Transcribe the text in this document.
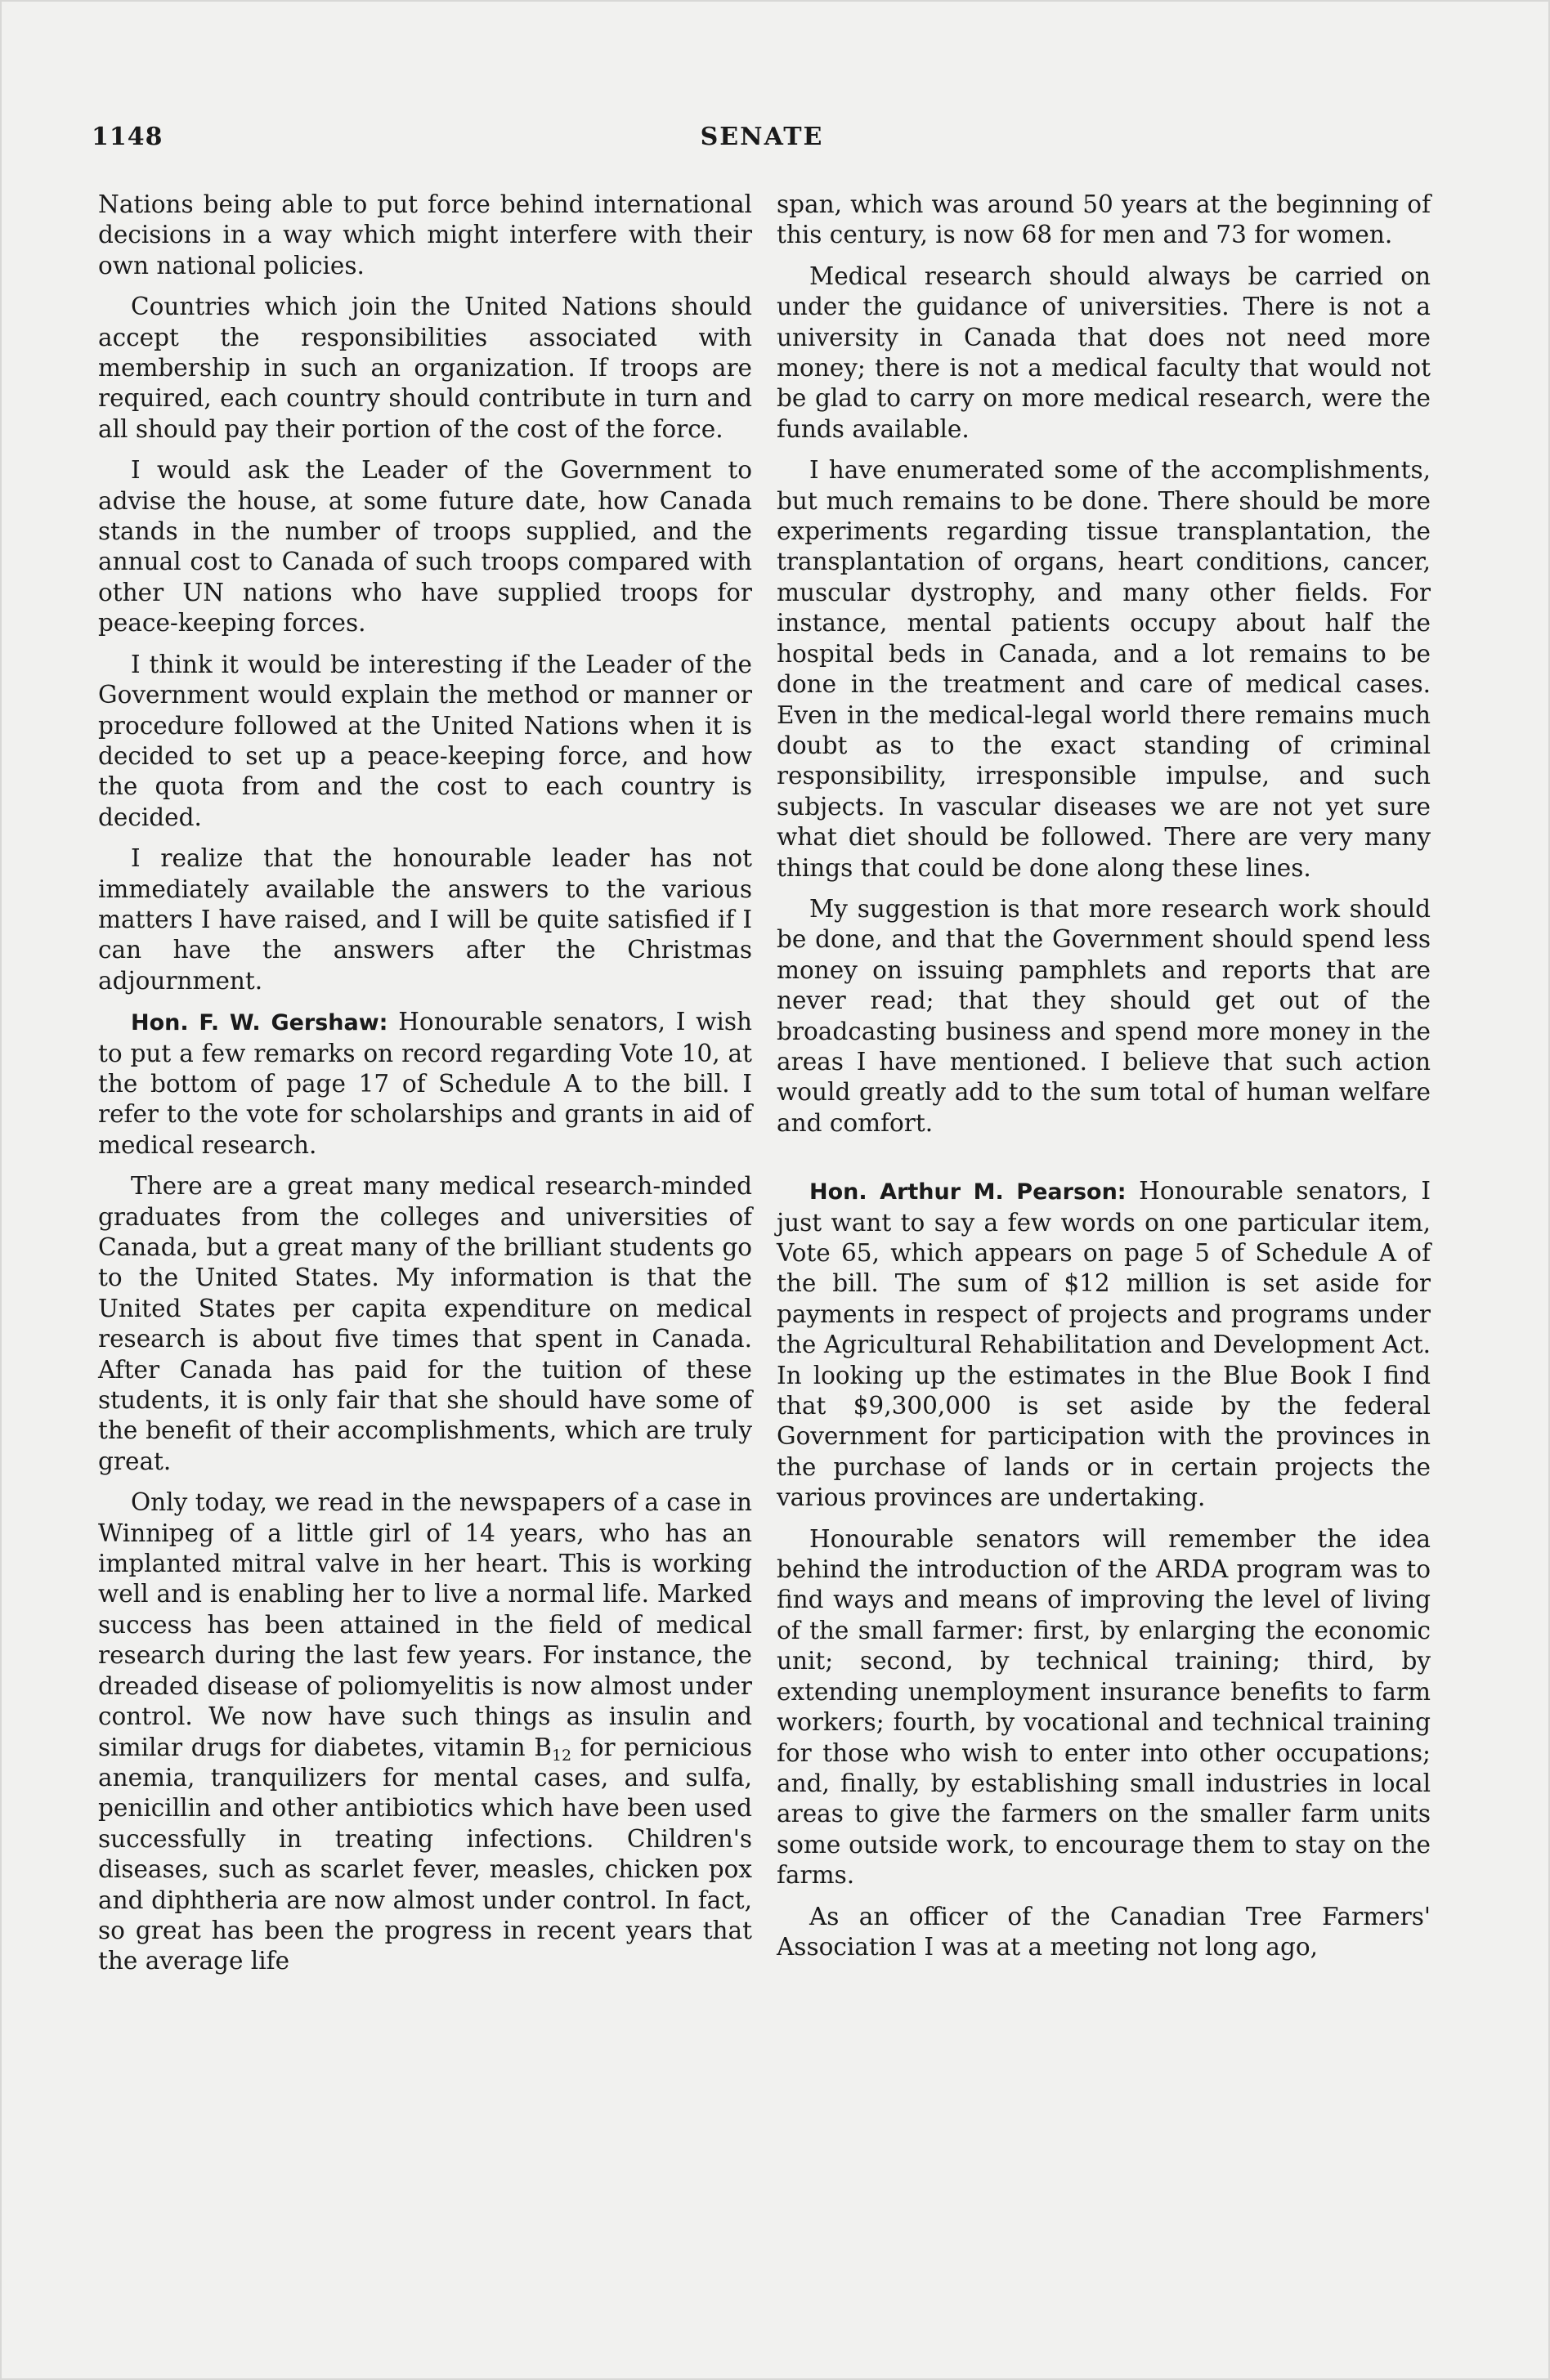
1148	SENATE

Nations being able to put force behind international decisions in a way which might interfere with their own national policies.

Countries which join the United Nations should accept the responsibilities associated with membership in such an organization. If troops are required, each country should contribute in turn and all should pay their portion of the cost of the force.

I would ask the Leader of the Government to advise the house, at some future date, how Canada stands in the number of troops supplied, and the annual cost to Canada of such troops compared with other UN nations who have supplied troops for peace-keeping forces.

I think it would be interesting if the Leader of the Government would explain the method or manner or procedure followed at the United Nations when it is decided to set up a peace-keeping force, and how the quota from and the cost to each country is decided.

I realize that the honourable leader has not immediately available the answers to the various matters I have raised, and I will be quite satisfied if I can have the answers after the Christmas adjournment.

Hon. F. W. Gershaw: Honourable senators, I wish to put a few remarks on record regarding Vote 10, at the bottom of page 17 of Schedule A to the bill. I refer to the vote for scholarships and grants in aid of medical research.

There are a great many medical research-minded graduates from the colleges and universities of Canada, but a great many of the brilliant students go to the United States. My information is that the United States per capita expenditure on medical research is about five times that spent in Canada. After Canada has paid for the tuition of these students, it is only fair that she should have some of the benefit of their accomplishments, which are truly great.

Only today, we read in the newspapers of a case in Winnipeg of a little girl of 14 years, who has an implanted mitral valve in her heart. This is working well and is enabling her to live a normal life. Marked success has been attained in the field of medical research during the last few years. For instance, the dreaded disease of poliomyelitis is now almost under control. We now have such things as insulin and similar drugs for diabetes, vitamin $B_{12}$ for pernicious anemia, tranquilizers for mental cases, and sulfa, penicillin and other antibiotics which have been used successfully in treating infections. Children's diseases, such as scarlet fever, measles, chicken pox and diphtheria are now almost under control. In fact, so great has been the progress in recent years that the average life

span, which was around 50 years at the beginning of this century, is now 68 for men and 73 for women.

Medical research should always be carried on under the guidance of universities. There is not a university in Canada that does not need more money; there is not a medical faculty that would not be glad to carry on more medical research, were the funds available.

I have enumerated some of the accomplishments, but much remains to be done. There should be more experiments regarding tissue transplantation, the transplantation of organs, heart conditions, cancer, muscular dystrophy, and many other fields. For instance, mental patients occupy about half the hospital beds in Canada, and a lot remains to be done in the treatment and care of medical cases. Even in the medical-legal world there remains much doubt as to the exact standing of criminal responsibility, irresponsible impulse, and such subjects. In vascular diseases we are not yet sure what diet should be followed. There are very many things that could be done along these lines.

My suggestion is that more research work should be done, and that the Government should spend less money on issuing pamphlets and reports that are never read; that they should get out of the broadcasting business and spend more money in the areas I have mentioned. I believe that such action would greatly add to the sum total of human welfare and comfort.

Hon. Arthur M. Pearson: Honourable senators, I just want to say a few words on one particular item, Vote 65, which appears on page 5 of Schedule A of the bill. The sum of $12 million is set aside for payments in respect of projects and programs under the Agricultural Rehabilitation and Development Act. In looking up the estimates in the Blue Book I find that $9,300,000 is set aside by the federal Government for participation with the provinces in the purchase of lands or in certain projects the various provinces are undertaking.

Honourable senators will remember the idea behind the introduction of the ARDA program was to find ways and means of improving the level of living of the small farmer: first, by enlarging the economic unit; second, by technical training; third, by extending unemployment insurance benefits to farm workers; fourth, by vocational and technical training for those who wish to enter into other occupations; and, finally, by establishing small industries in local areas to give the farmers on the smaller farm units some outside work, to encourage them to stay on the farms.

As an officer of the Canadian Tree Farmers' Association I was at a meeting not long ago,
